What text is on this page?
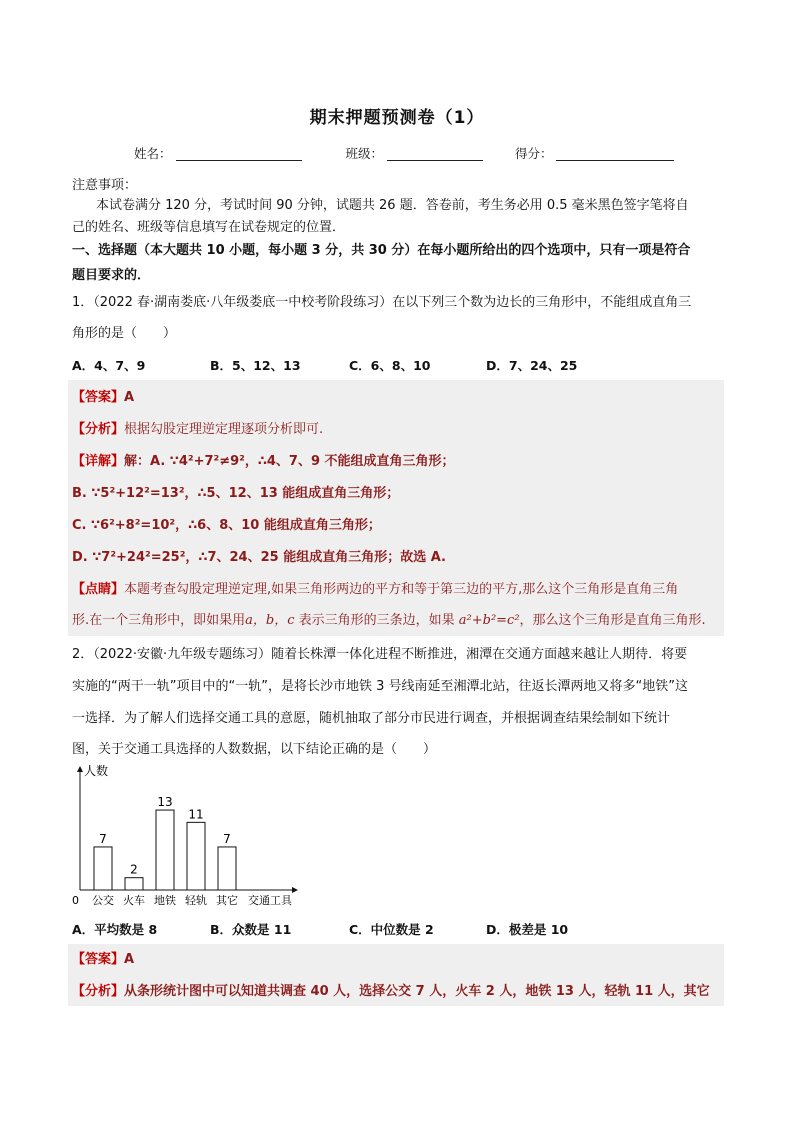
期末押题预测卷（1）
姓名：	班级：	得分：
注意事项：
本试卷满分 120 分，考试时间 90 分钟，试题共 26 题．答卷前，考生务必用 0.5 毫米黑色签字笔将自
己的姓名、班级等信息填写在试卷规定的位置．
一、选择题（本大题共 10 小题，每小题 3 分，共 30 分）在每小题所给出的四个选项中，只有一项是符合
题目要求的．
1．（2022 春·湖南娄底·八年级娄底一中校考阶段练习）在以下列三个数为边长的三角形中，不能组成直角三
角形的是（　　）
A．4、7、9	B．5、12、13	C．6、8、10	D．7、24、25
【答案】A
【分析】根据勾股定理逆定理逐项分析即可.
【详解】解：A. ∵4²+7²≠9²，∴4、7、9 不能组成直角三角形；
B. ∵5²+12²=13²，∴5、12、13 能组成直角三角形；
C. ∵6²+8²=10²，∴6、8、10 能组成直角三角形；
D. ∵7²+24²=25²，∴7、24、25 能组成直角三角形；故选 A.
【点睛】本题考查勾股定理逆定理,如果三角形两边的平方和等于第三边的平方,那么这个三角形是直角三角
形.在一个三角形中，即如果用a，b，c 表示三角形的三条边，如果 a²+b²=c²，那么这个三角形是直角三角形.
2．（2022·安徽·九年级专题练习）随着长株潭一体化进程不断推进，湘潭在交通方面越来越让人期待．将要
实施的“两干一轨”项目中的“一轨”，是将长沙市地铁 3 号线南延至湘潭北站，往返长潭两地又将多“地铁”这
一选择．为了解人们选择交通工具的意愿，随机抽取了部分市民进行调查，并根据调查结果绘制如下统计
图，关于交通工具选择的人数数据，以下结论正确的是（　　）
人数
0	交通工具
7
公交
2
火车
13
地铁
11
轻轨
7
其它
A．平均数是 8	B．众数是 11	C．中位数是 2	D．极差是 10
【答案】A
【分析】从条形统计图中可以知道共调查 40 人，选择公交 7 人，火车 2 人，地铁 13 人，轻轨 11 人，其它
